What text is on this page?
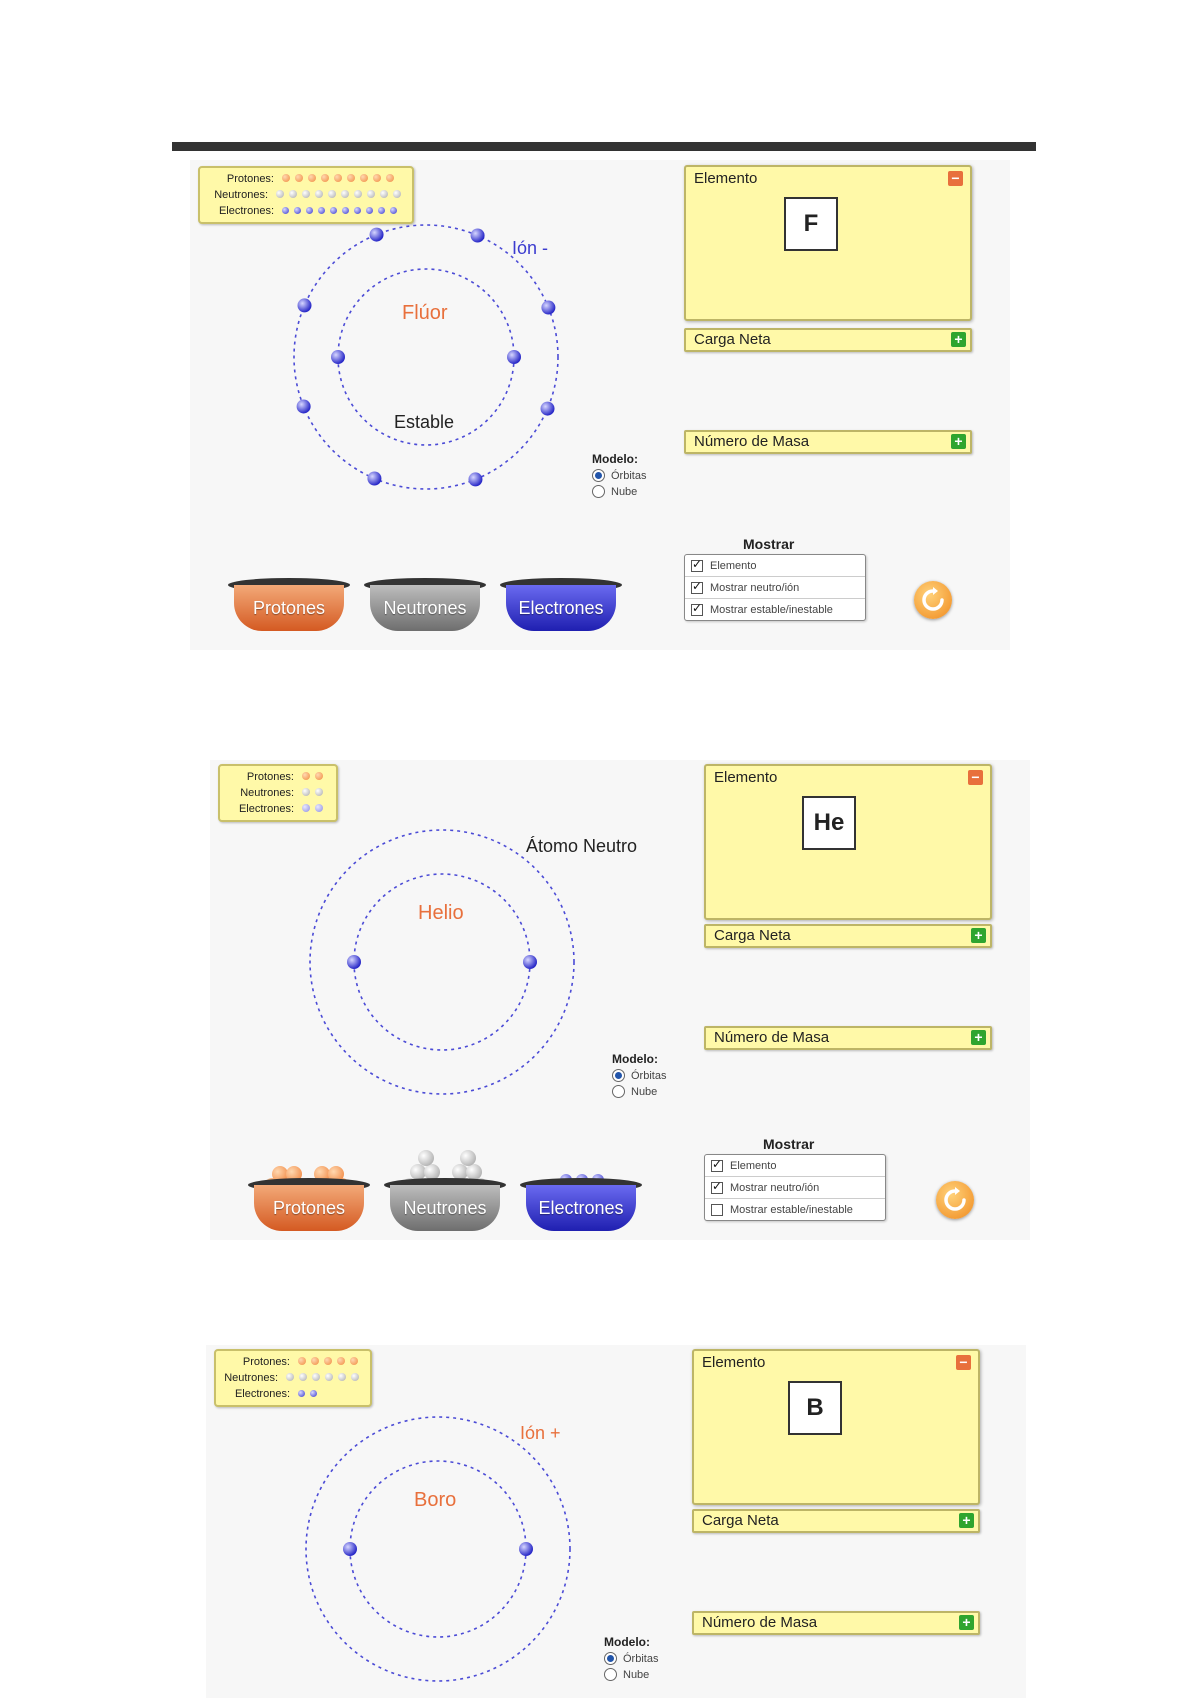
Protones:
Neutrones:
Electrones:
Flúor
Estable
Ión -
Modelo:
Órbitas
Nube
Elemento	−
F
Carga Neta	+
Número de Masa	+
Mostrar
✓
Elemento
✓
Mostrar neutro/ión
✓
Mostrar estable/inestable
Protones	Neutrones	Electrones
Protones:
Neutrones:
Electrones:
Helio
Átomo Neutro
Modelo:
Órbitas
Nube
Elemento	−
He
Carga Neta	+
Número de Masa	+
Mostrar
✓
Elemento
✓
Mostrar neutro/ión
Mostrar estable/inestable
Protones	Neutrones	Electrones
Protones:
Neutrones:
Electrones:
Boro
Ión +
Modelo:
Órbitas
Nube
Elemento	−
B
Carga Neta	+
Número de Masa	+
